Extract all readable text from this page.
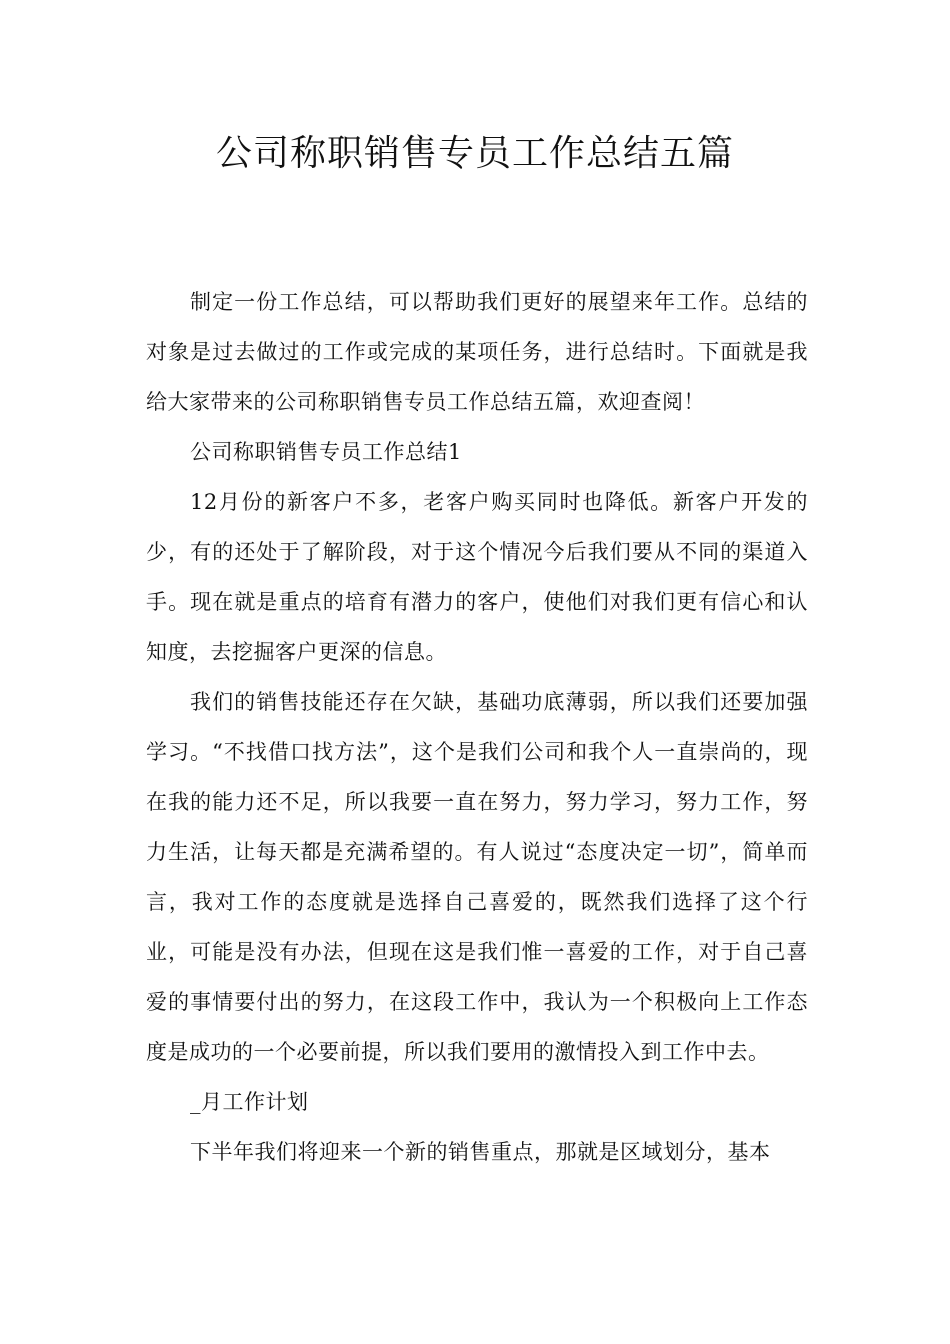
公司称职销售专员工作总结五篇

制定一份工作总结，可以帮助我们更好的展望来年工作。总结的对象是过去做过的工作或完成的某项任务，进行总结时。下面就是我给大家带来的公司称职销售专员工作总结五篇，欢迎查阅！

公司称职销售专员工作总结1

12月份的新客户不多，老客户购买同时也降低。新客户开发的少，有的还处于了解阶段，对于这个情况今后我们要从不同的渠道入手。现在就是重点的培育有潜力的客户，使他们对我们更有信心和认知度，去挖掘客户更深的信息。

我们的销售技能还存在欠缺，基础功底薄弱，所以我们还要加强学习。“不找借口找方法”，这个是我们公司和我个人一直崇尚的，现在我的能力还不足，所以我要一直在努力，努力学习，努力工作，努力生活，让每天都是充满希望的。有人说过“态度决定一切”，简单而言，我对工作的态度就是选择自己喜爱的，既然我们选择了这个行业，可能是没有办法，但现在这是我们惟一喜爱的工作，对于自己喜爱的事情要付出的努力，在这段工作中，我认为一个积极向上工作态度是成功的一个必要前提，所以我们要用的激情投入到工作中去。

_月工作计划

下半年我们将迎来一个新的销售重点，那就是区域划分，基本
